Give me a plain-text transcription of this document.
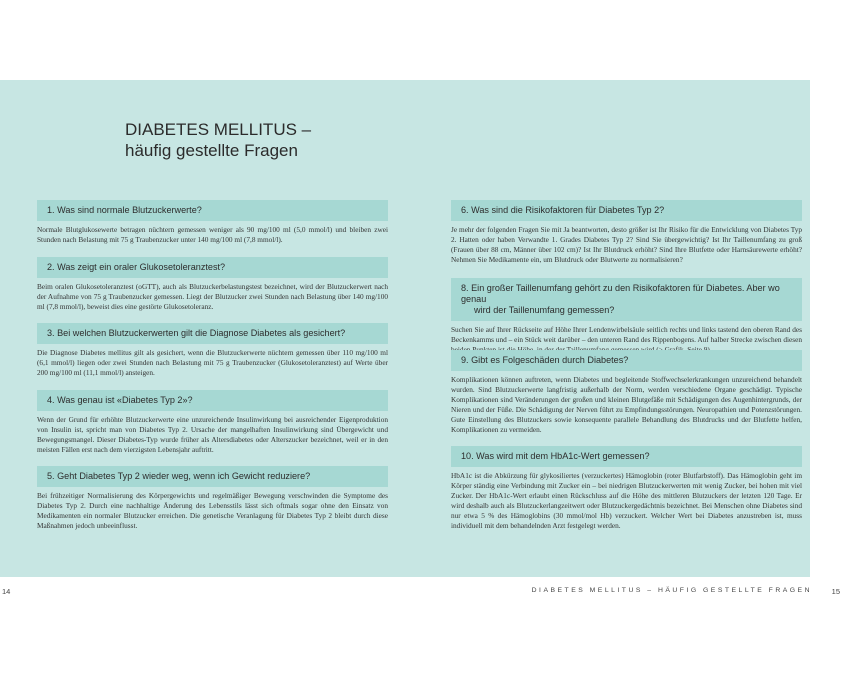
DIABETES MELLITUS –
häufig gestellte Fragen
1. Was sind normale Blutzuckerwerte?
Normale Blutglukosewerte betragen nüchtern gemessen weniger als 90 mg/100 ml (5,0 mmol/l) und bleiben zwei Stunden nach Belastung mit 75 g Traubenzucker unter 140 mg/100 ml (7,8 mmol/l).
2. Was zeigt ein oraler Glukosetoleranztest?
Beim oralen Glukosetoleranztest (oGTT), auch als Blutzuckerbelastungstest bezeichnet, wird der Blutzuckerwert nach der Aufnahme von 75 g Traubenzucker gemessen. Liegt der Blutzucker zwei Stunden nach Belastung über 140 mg/100 ml (7,8 mmol/l), beweist dies eine gestörte Glukosetoleranz.
3. Bei welchen Blutzuckerwerten gilt die Diagnose Diabetes als gesichert?
Die Diagnose Diabetes mellitus gilt als gesichert, wenn die Blutzuckerwerte nüchtern gemessen über 110 mg/100 ml (6,1 mmol/l) liegen oder zwei Stunden nach Belastung mit 75 g Traubenzucker (Glukosetoleranztest) auf Werte über 200 mg/100 ml (11,1 mmol/l) ansteigen.
4. Was genau ist «Diabetes Typ 2»?
Wenn der Grund für erhöhte Blutzuckerwerte eine unzureichende Insulinwirkung bei ausreichender Eigenproduktion von Insulin ist, spricht man von Diabetes Typ 2. Ursache der mangelhaften Insulinwirkung sind Übergewicht und Bewegungsmangel. Dieser Diabetes-Typ wurde früher als Altersdiabetes oder Alterszucker bezeichnet, weil er in den meisten Fällen erst nach dem vierzigsten Lebensjahr auftritt.
5. Geht Diabetes Typ 2 wieder weg, wenn ich Gewicht reduziere?
Bei frühzeitiger Normalisierung des Körpergewichts und regelmäßiger Bewegung verschwinden die Symptome des Diabetes Typ 2. Durch eine nachhaltige Änderung des Lebensstils lässt sich oftmals sogar ohne den Einsatz von Medikamenten ein normaler Blutzucker erreichen. Die genetische Veranlagung für Diabetes Typ 2 bleibt durch diese Maßnahmen jedoch unbeeinflusst.
6. Was sind die Risikofaktoren für Diabetes Typ 2?
Je mehr der folgenden Fragen Sie mit Ja beantworten, desto größer ist Ihr Risiko für die Entwicklung von Diabetes Typ 2. Hatten oder haben Verwandte 1. Grades Diabetes Typ 2? Sind Sie übergewichtig? Ist Ihr Taillenumfang zu groß (Frauen über 88 cm, Männer über 102 cm)? Ist Ihr Blutdruck erhöht? Sind Ihre Blutfette oder Harnsäurewerte erhöht? Nehmen Sie Medikamente ein, um Blutdruck oder Blutwerte zu normalisieren?
8. Ein großer Taillenumfang gehört zu den Risikofaktoren für Diabetes. Aber wo genau
wird der Taillenumfang gemessen?
Suchen Sie auf Ihrer Rückseite auf Höhe Ihrer Lendenwirbelsäule seitlich rechts und links tastend den oberen Rand des Beckenkamms und – ein Stück weit darüber – den unteren Rand des Rippenbogens. Auf halber Strecke zwischen diesen
9. Gibt es Folgeschäden durch Diabetes?
Komplikationen können auftreten, wenn Diabetes und begleitende Stoffwechselerkrankungen unzureichend behandelt wurden. Sind Blutzuckerwerte langfristig außerhalb der Norm, werden verschiedene Organe geschädigt. Typische Komplikationen sind Veränderungen der großen und kleinen Blutgefäße mit Schädigungen des Augenhintergrunds, der Nieren und der Füße. Die Schädigung der Nerven führt zu Empfindungsstörungen. Neuropathien und Potenzstörungen. Gute Einstellung des Blutzuckers sowie konsequente parallele Behandlung des Blutdrucks und der Blutfette helfen, Komplikationen zu vermeiden.
10. Was wird mit dem HbA1c-Wert gemessen?
HbA1c ist die Abkürzung für glykosiliertes (verzuckertes) Hämoglobin (roter Blutfarbstoff). Das Hämoglobin geht im Körper ständig eine Verbindung mit Zucker ein – bei niedrigen Blutzuckerwerten mit wenig Zucker, bei hohen mit viel Zucker. Der HbA1c-Wert erlaubt einen Rückschluss auf die Höhe des mittleren Blutzuckers der letzten 120 Tage. Er wird deshalb auch als Blutzuckerlangzeitwert oder Blutzuckergedächtnis bezeichnet. Bei Menschen ohne Diabetes sind nur etwa 5 % des Hämoglobins (30 mmol/mol Hb) verzuckert. Welcher Wert bei Diabetes anzustreben ist, muss individuell mit dem behandelnden Arzt festgelegt werden.
14	DIABETES MELLITUS – HÄUFIG GESTELLTE FRAGEN	15
